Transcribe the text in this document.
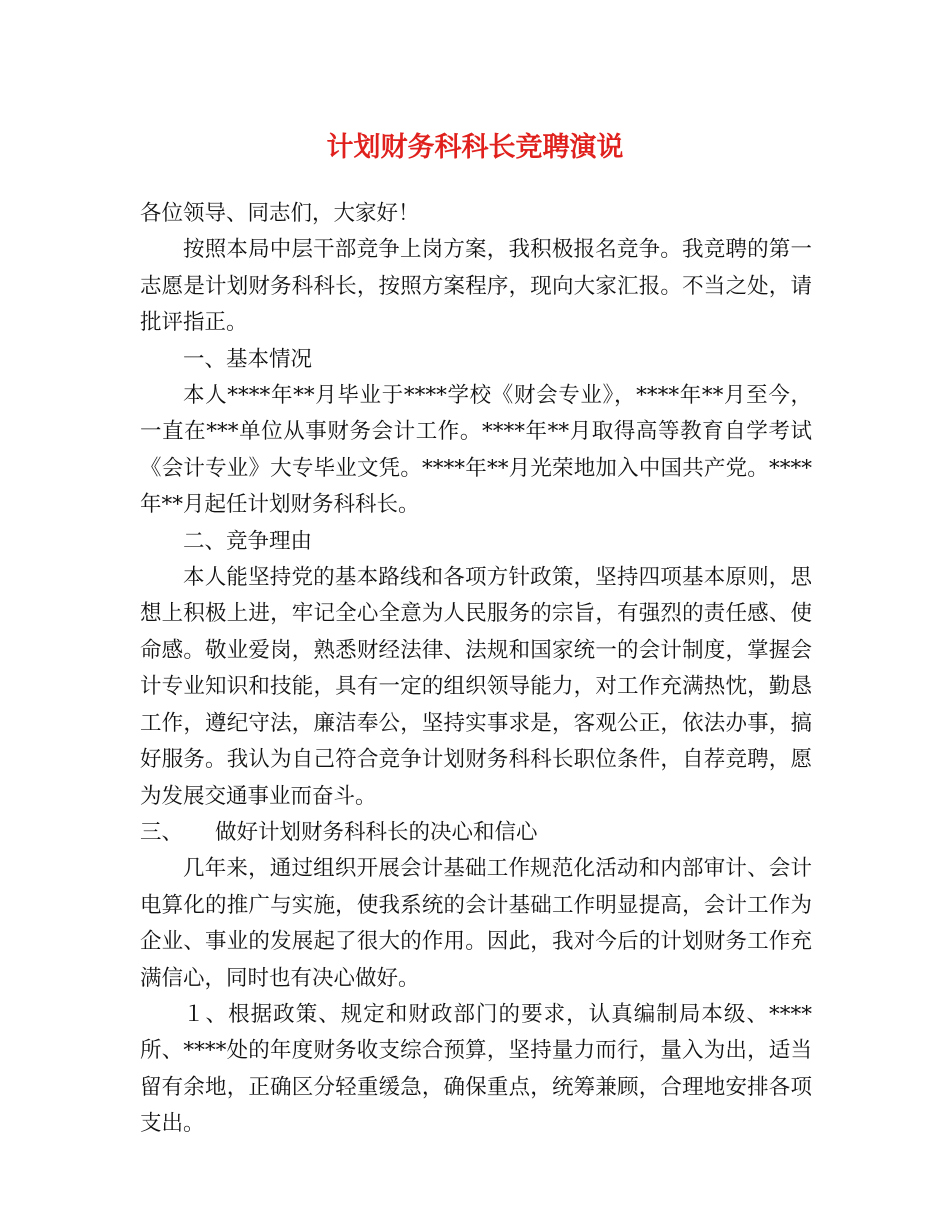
计划财务科科长竞聘演说

各位领导、同志们，大家好！

按照本局中层干部竞争上岗方案，我积极报名竞争。我竞聘的第一志愿是计划财务科科长，按照方案程序，现向大家汇报。不当之处，请批评指正。

一、基本情况

本人****年**月毕业于****学校《财会专业》，****年**月至今，一直在***单位从事财务会计工作。****年**月取得高等教育自学考试《会计专业》大专毕业文凭。****年**月光荣地加入中国共产党。****年**月起任计划财务科科长。

二、竞争理由

本人能坚持党的基本路线和各项方针政策，坚持四项基本原则，思想上积极上进，牢记全心全意为人民服务的宗旨，有强烈的责任感、使命感。敬业爱岗，熟悉财经法律、法规和国家统一的会计制度，掌握会计专业知识和技能，具有一定的组织领导能力，对工作充满热忱，勤恳工作，遵纪守法，廉洁奉公，坚持实事求是，客观公正，依法办事，搞好服务。我认为自己符合竞争计划财务科科长职位条件，自荐竞聘，愿为发展交通事业而奋斗。

三、	做好计划财务科科长的决心和信心

几年来，通过组织开展会计基础工作规范化活动和内部审计、会计电算化的推广与实施，使我系统的会计基础工作明显提高，会计工作为企业、事业的发展起了很大的作用。因此，我对今后的计划财务工作充满信心，同时也有决心做好。

１、根据政策、规定和财政部门的要求，认真编制局本级、****所、****处的年度财务收支综合预算，坚持量力而行，量入为出，适当留有余地，正确区分轻重缓急，确保重点，统筹兼顾，合理地安排各项支出。
